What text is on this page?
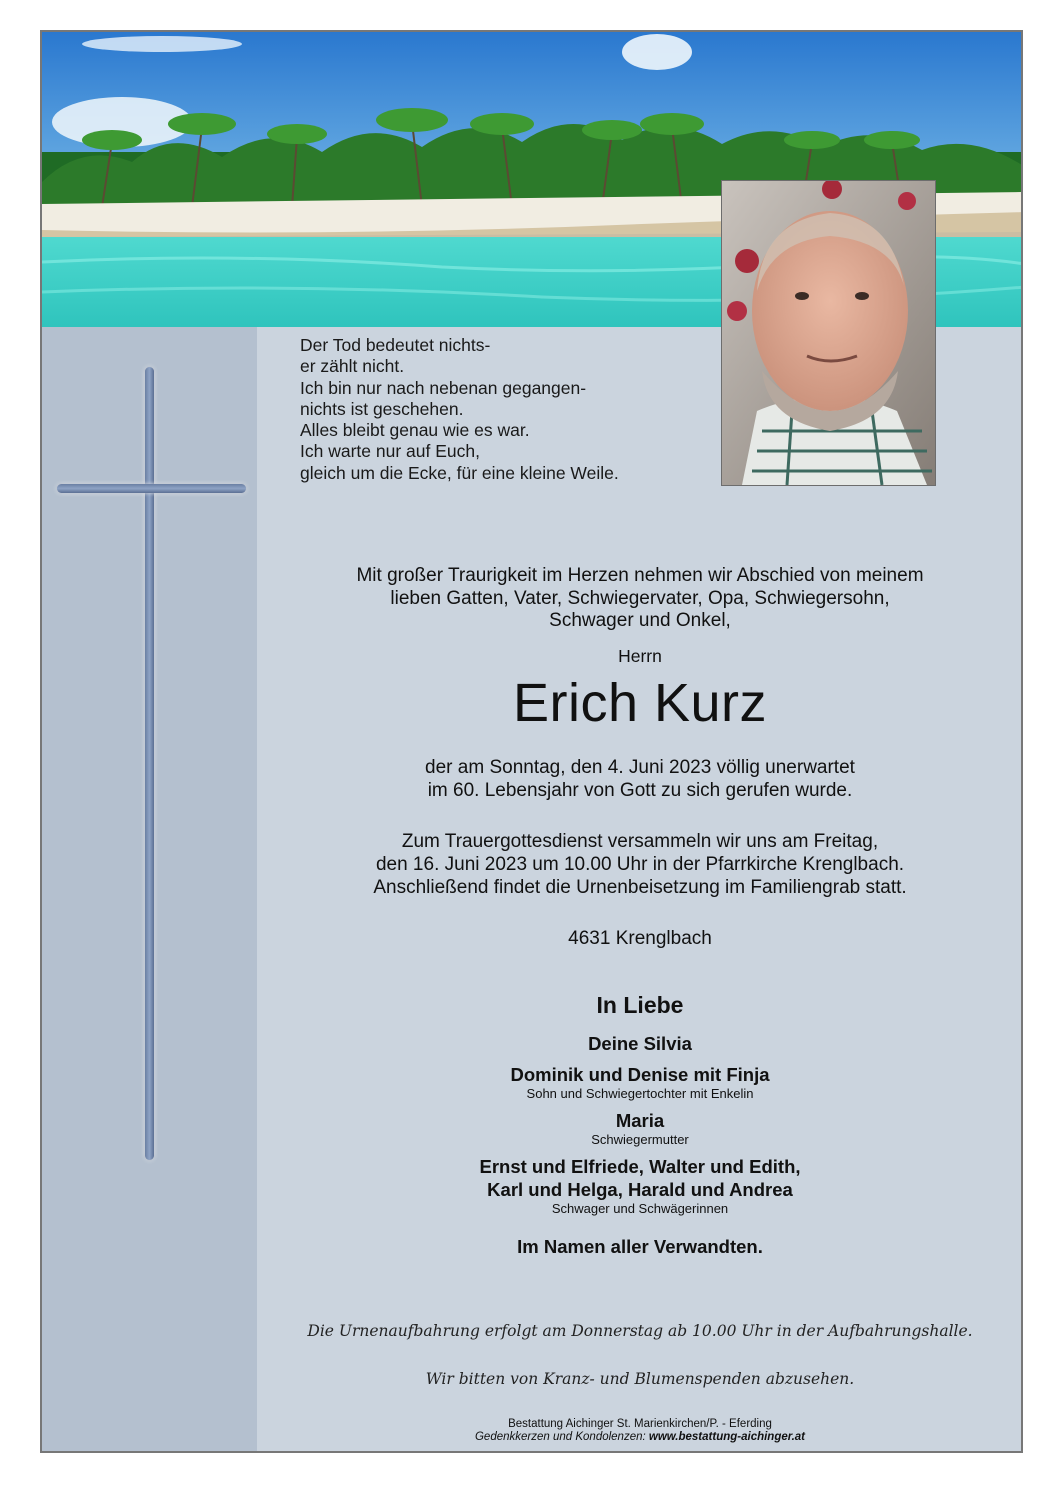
Der Tod bedeutet nichts-
er zählt nicht.
Ich bin nur nach nebenan gegangen-
nichts ist geschehen.
Alles bleibt genau wie es war.
Ich warte nur auf Euch,
gleich um die Ecke, für eine kleine Weile.
Mit großer Traurigkeit im Herzen nehmen wir Abschied von meinem
lieben Gatten, Vater, Schwiegervater, Opa, Schwiegersohn,
Schwager und Onkel,
Herrn
Erich Kurz
der am Sonntag, den 4. Juni 2023 völlig unerwartet
im 60. Lebensjahr von Gott zu sich gerufen wurde.
Zum Trauergottesdienst versammeln wir uns am Freitag,
den 16. Juni 2023 um 10.00 Uhr in der Pfarrkirche Krenglbach.
Anschließend findet die Urnenbeisetzung im Familiengrab statt.
4631 Krenglbach
In Liebe
Deine Silvia
Dominik und Denise mit Finja
Sohn und Schwiegertochter mit Enkelin
Maria
Schwiegermutter
Ernst und Elfriede, Walter und Edith,
Karl und Helga, Harald und Andrea
Schwager und Schwägerinnen
Im Namen aller Verwandten.
Die Urnenaufbahrung erfolgt am Donnerstag ab 10.00 Uhr in der Aufbahrungshalle.
Wir bitten von Kranz- und Blumenspenden abzusehen.
Bestattung Aichinger St. Marienkirchen/P. - Eferding
Gedenkkerzen und Kondolenzen: www.bestattung-aichinger.at
